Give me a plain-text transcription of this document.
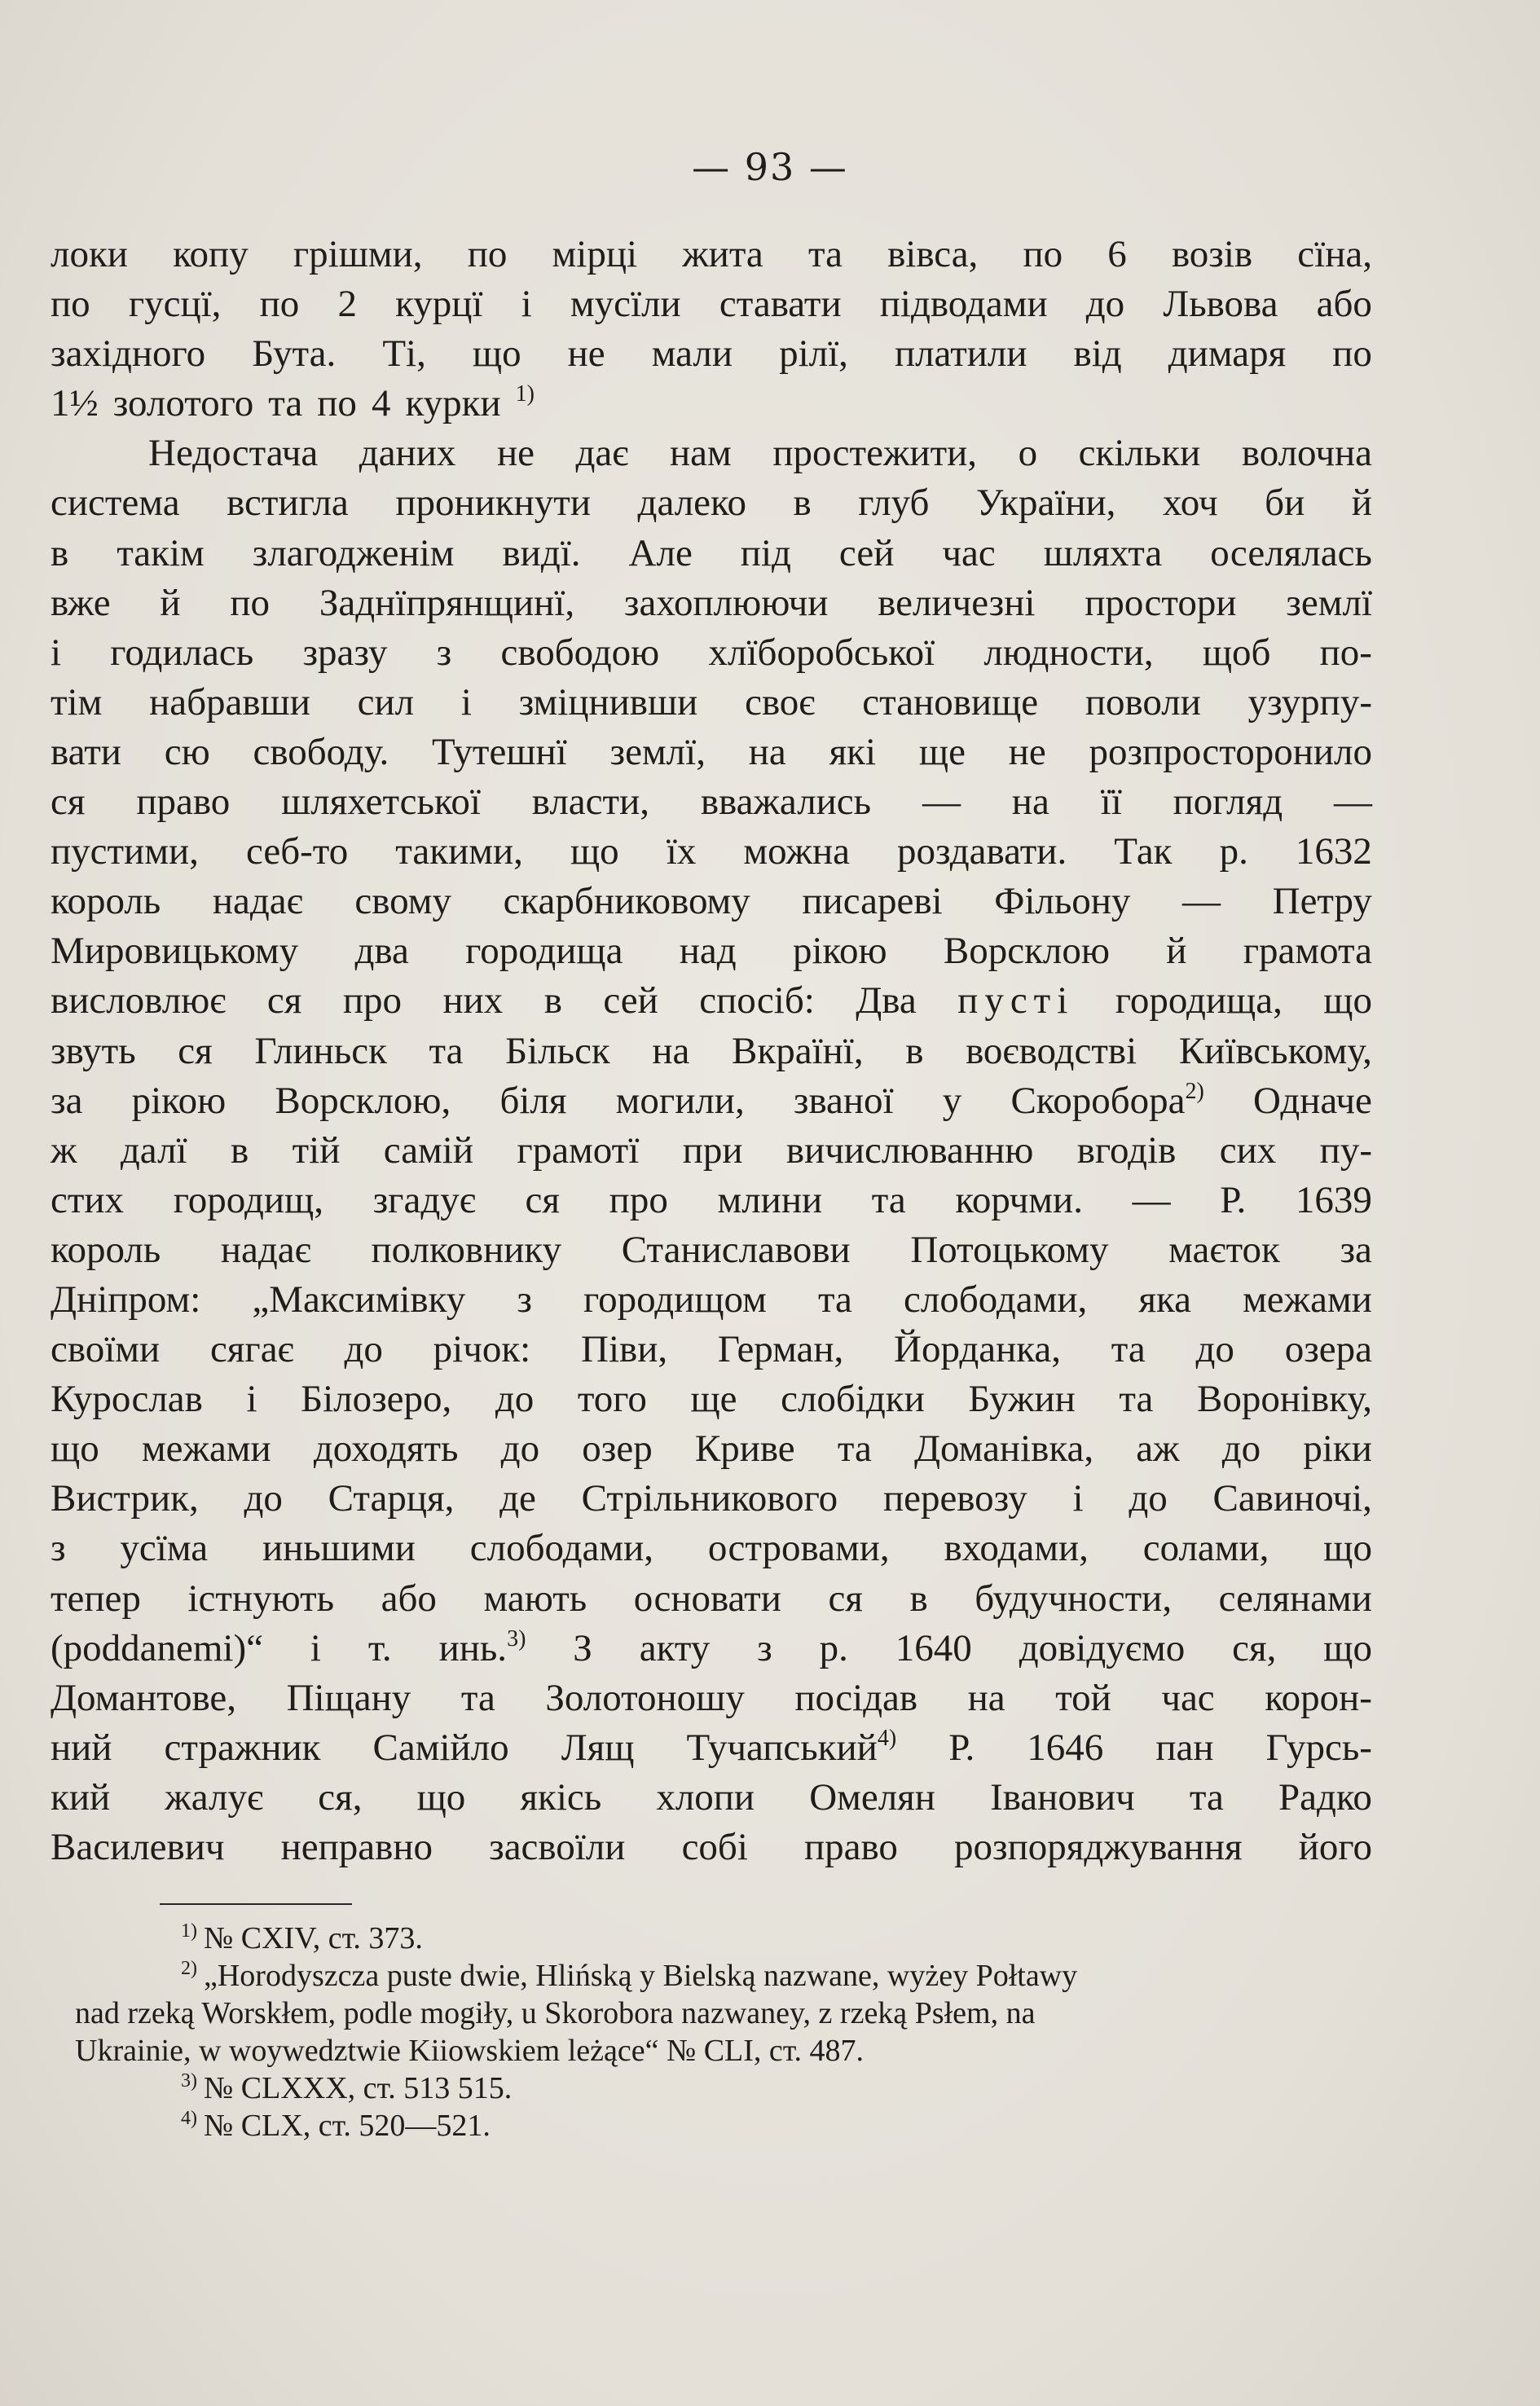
— 93 —
локи копу грішми, по мірці жита та вівса, по 6 возів сїна,
по гусцї, по 2 курцї і мусїли ставати підводами до Львова або
західного Бута. Ті, що не мали рілї, платили від димаря по
1½ золотого та по 4 курки $^{1)}$
Недостача даних не дає нам простежити, о скільки волочна
система встигла проникнути далеко в глуб України, хоч би й
в такім злагодженім видї. Але під сей час шляхта оселялась
вже й по Заднїпрянщинї, захоплюючи величезні простори землї
і годилась зразу з свободою хлїборобської людности, щоб по-
тім набравши сил і зміцнивши своє становище поволи узурпу-
вати сю свободу. Тутешнї землї, на які ще не розпросторонило
ся право шляхетської власти, вважались — на її погляд —
пустими, себ-то такими, що їх можна роздавати. Так р. 1632
король надає свому скарбниковому писареві Фільону — Петру
Мировицькому два городища над рікою Ворсклою й грамота
висловлює ся про них в сей спосіб: Два пусті городища, що
звуть ся Глиньск та Більск на Вкраїнї, в воєводстві Київському,
за рікою Ворсклою, біля могили, званої у Скоробора$^{2)}$ Одначе
ж далї в тій самій грамотї при вичислюванню вгодів сих пу-
стих городищ, згадує ся про млини та корчми. — Р. 1639
король надає полковнику Станиславови Потоцькому маєток за
Дніпром: „Максимівку з городищом та слободами, яка межами
своїми сягає до річок: Піви, Герман, Йорданка, та до озера
Курослав і Білозеро, до того ще слобідки Бужин та Воронівку,
що межами доходять до озер Криве та Доманівка, аж до ріки
Вистрик, до Старця, де Стрільникового перевозу і до Савиночі,
з усїма иньшими слободами, островами, входами, солами, що
тепер істнують або мають основати ся в будучности, селянами
(poddanemi)“ і т. инь.$^{3)}$ З акту з р. 1640 довідуємо ся, що
Домантове, Піщану та Золотоношу посідав на той час корон-
ний стражник Самійло Лящ Тучапський$^{4)}$ Р. 1646 пан Гурсь-
кий жалує ся, що якісь хлопи Омелян Іванович та Радко
Василевич неправно засвоїли собі право розпоряджування його
$^{1)}$ № CXIV, ст. 373.
$^{2)}$ „Horodyszcza puste dwie, Hlińską y Bielską nazwane, wyżey Połtawy
nad rzeką Worskłem, podle mogiły, u Skorobora nazwaney, z rzeką Psłem, na
Ukrainie, w woywedztwie Kiiowskiem leżące“ № CLI, ст. 487.
$^{3)}$ № CLXXX, ст. 513 515.
$^{4)}$ № CLX, ст. 520—521.
